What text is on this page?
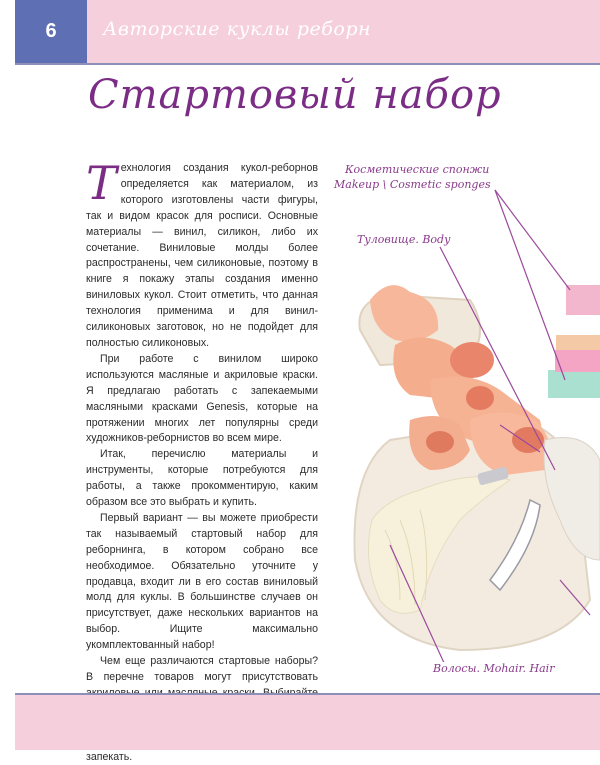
6	Авторские куклы реборн
Стартовый набор

Технология создания кукол-реборнов определяется как материалом, из которого изготовлены части фигуры, так и видом красок для росписи. Основные материалы — винил, силикон, либо их сочетание. Виниловые молды более распространены, чем силиконовые, поэтому в книге я покажу этапы создания именно виниловых кукол. Стоит отметить, что данная технология применима и для винил-силиконовых заготовок, но не подойдет для полностью силиконовых.

При работе с винилом широко используются масляные и акриловые краски. Я предлагаю работать с запекаемыми масляными красками Genesis, которые на протяжении многих лет популярны среди художников-реборнистов во всем мире.

Итак, перечислю материалы и инструменты, которые потребуются для работы, а также прокомментирую, каким образом все это выбрать и купить.

Первый вариант — вы можете приобрести так называемый стартовый набор для реборнинга, в котором собрано все необходимое. Обязательно уточните у продавца, входит ли в его состав виниловый молд для куклы. В большинстве случаев он присутствует, даже нескольких вариантов на выбор. Ищите максимально укомплектованный набор!

Чем еще различаются стартовые наборы? В перечне товаров могут присутствовать запекать.

Косметические спонжи
Makeup \ Cosmetic sponges
Туловище. Body
Волосы. Mohair. Hair
